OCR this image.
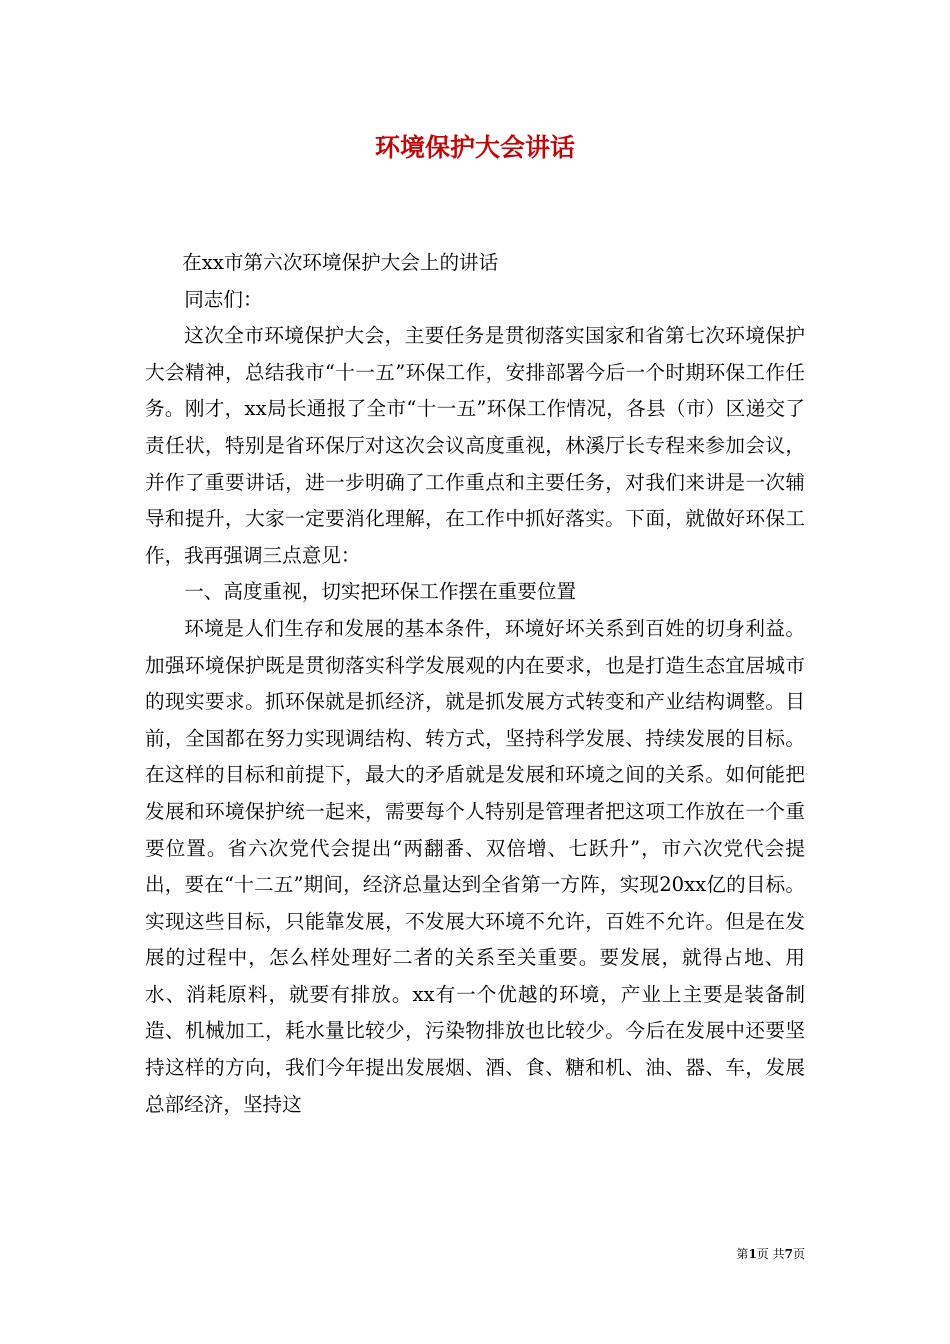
环境保护大会讲话

在xx市第六次环境保护大会上的讲话

同志们：

这次全市环境保护大会，主要任务是贯彻落实国家和省第七次环境保护大会精神，总结我市“十一五”环保工作，安排部署今后一个时期环保工作任务。刚才，xx局长通报了全市“十一五”环保工作情况，各县（市）区递交了责任状，特别是省环保厅对这次会议高度重视，林溪厅长专程来参加会议，并作了重要讲话，进一步明确了工作重点和主要任务，对我们来讲是一次辅导和提升，大家一定要消化理解，在工作中抓好落实。下面，就做好环保工作，我再强调三点意见：

一、高度重视，切实把环保工作摆在重要位置

环境是人们生存和发展的基本条件，环境好坏关系到百姓的切身利益。加强环境保护既是贯彻落实科学发展观的内在要求，也是打造生态宜居城市的现实要求。抓环保就是抓经济，就是抓发展方式转变和产业结构调整。目前，全国都在努力实现调结构、转方式，坚持科学发展、持续发展的目标。在这样的目标和前提下，最大的矛盾就是发展和环境之间的关系。如何能把发展和环境保护统一起来，需要每个人特别是管理者把这项工作放在一个重要位置。省六次党代会提出“两翻番、双倍增、七跃升”，市六次党代会提出，要在“十二五”期间，经济总量达到全省第一方阵，实现20xx亿的目标。实现这些目标，只能靠发展，不发展大环境不允许，百姓不允许。但是在发展的过程中，怎么样处理好二者的关系至关重要。要发展，就得占地、用水、消耗原料，就要有排放。xx有一个优越的环境，产业上主要是装备制造、机械加工，耗水量比较少，污染物排放也比较少。今后在发展中还要坚持这样的方向，我们今年提出发展烟、酒、食、糖和机、油、器、车，发展总部经济，坚持这

第1页 共7页
